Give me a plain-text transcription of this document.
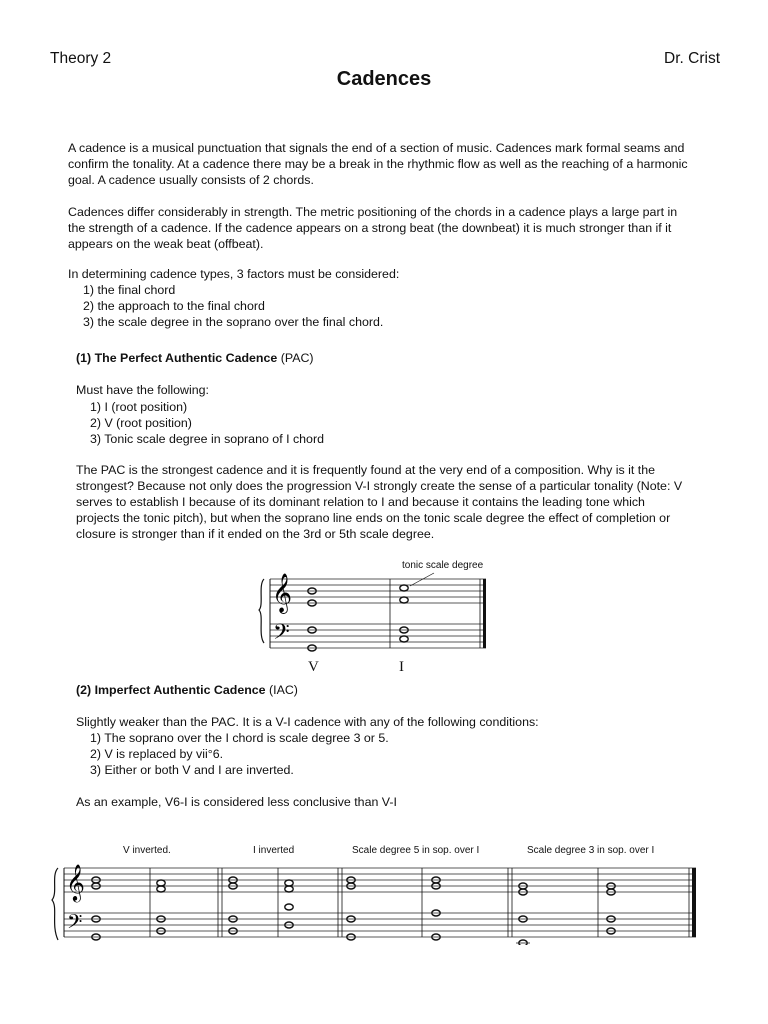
Theory 2	Dr. Crist
Cadences

A cadence is a musical punctuation that signals the end of a section of music. Cadences mark formal seams and confirm the tonality. At a cadence there may be a break in the rhythmic flow as well as the reaching of a harmonic goal. A cadence usually consists of 2 chords.

Cadences differ considerably in strength. The metric positioning of the chords in a cadence plays a large part in the strength of a cadence. If the cadence appears on a strong beat (the downbeat) it is much stronger than if it appears on the weak beat (offbeat).

In determining cadence types, 3 factors must be considered:
1) the final chord
2) the approach to the final chord
3) the scale degree in the soprano over the final chord.
(1) The Perfect Authentic Cadence (PAC)
Must have the following:
1) I (root position)
2) V (root position)
3) Tonic scale degree in soprano of I chord

The PAC is the strongest cadence and it is frequently found at the very end of a composition. Why is it the strongest? Because not only does the progression V-I strongly create the sense of a particular tonality (Note: V serves to establish I because of its dominant relation to I and because it contains the leading tone which projects the tonic pitch), but when the soprano line ends on the tonic scale degree the effect of completion or closure is stronger than if it ended on the 3rd or 5th scale degree.

𝄞
𝄢
tonic scale degree
V	I
(2) Imperfect Authentic Cadence (IAC)
Slightly weaker than the PAC. It is a V-I cadence with any of the following conditions:
1) The soprano over the I chord is scale degree 3 or 5.
2) V is replaced by vii°6.
3) Either or both V and I are inverted.
As an example, V6-I is considered less conclusive than V-I
V inverted.	I inverted	Scale degree 5 in sop. over I	Scale degree 3 in sop. over I
𝄞
𝄢
